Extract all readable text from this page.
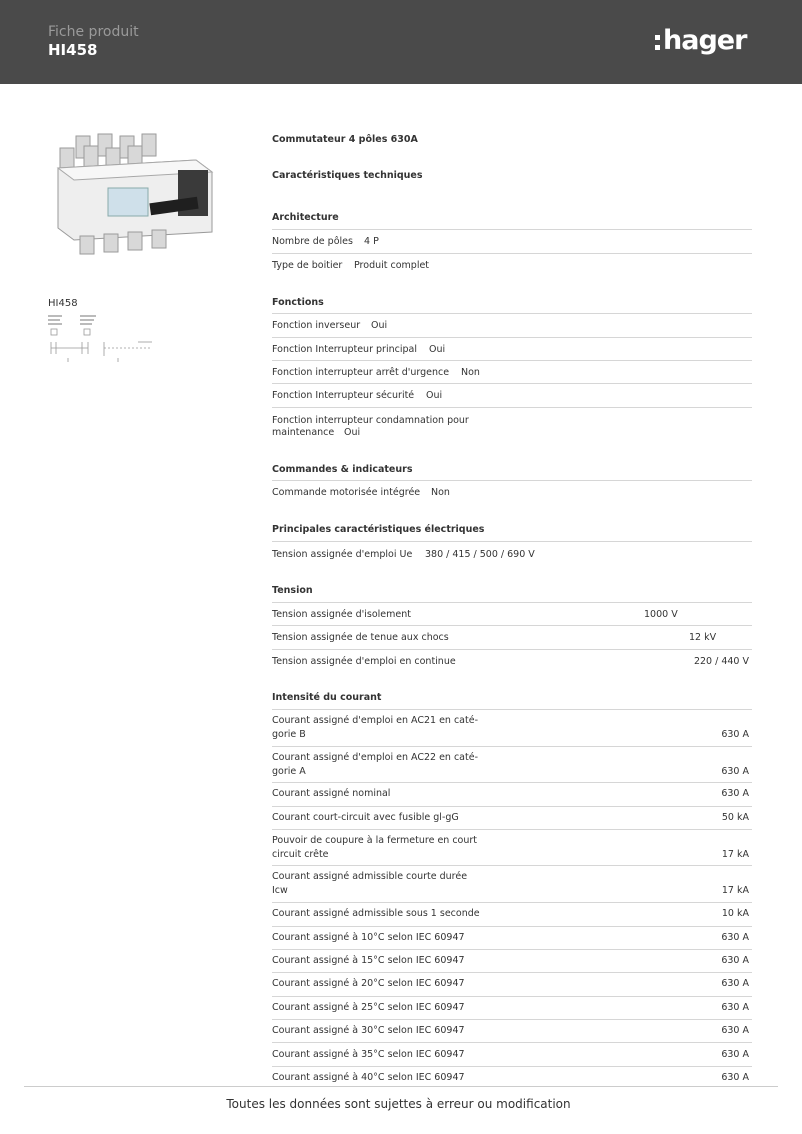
Fiche produit
HI458	hager
HI458
Commutateur 4 pôles 630A
Caractéristiques techniques
Architecture
Nombre de pôles 4 P
Type de boitier Produit complet
Fonctions
Fonction inverseur Oui
Fonction Interrupteur principal Oui
Fonction interrupteur arrêt d'urgence Non
Fonction Interrupteur sécurité Oui
Fonction interrupteur condamnation pour
maintenance Oui
Commandes & indicateurs
Commande motorisée intégrée Non
Principales caractéristiques électriques
Tension assignée d'emploi Ue 380 / 415 / 500 / 690 V
Tension
Tension assignée d'isolement	1000 V
Tension assignée de tenue aux chocs	12 kV
Tension assignée d'emploi en continue	220 / 440 V
Intensité du courant
Courant assigné d'emploi en AC21 en caté-
gorie B	630 A
Courant assigné d'emploi en AC22 en caté-
gorie A	630 A
Courant assigné nominal	630 A
Courant court-circuit avec fusible gl-gG	50 kA
Pouvoir de coupure à la fermeture en court
circuit crête	17 kA
Courant assigné admissible courte durée
Icw	17 kA
Courant assigné admissible sous 1 seconde	10 kA
Courant assigné à 10°C selon IEC 60947	630 A
Courant assigné à 15°C selon IEC 60947	630 A
Courant assigné à 20°C selon IEC 60947	630 A
Courant assigné à 25°C selon IEC 60947	630 A
Courant assigné à 30°C selon IEC 60947	630 A
Courant assigné à 35°C selon IEC 60947	630 A
Courant assigné à 40°C selon IEC 60947	630 A
Toutes les données sont sujettes à erreur ou modification
